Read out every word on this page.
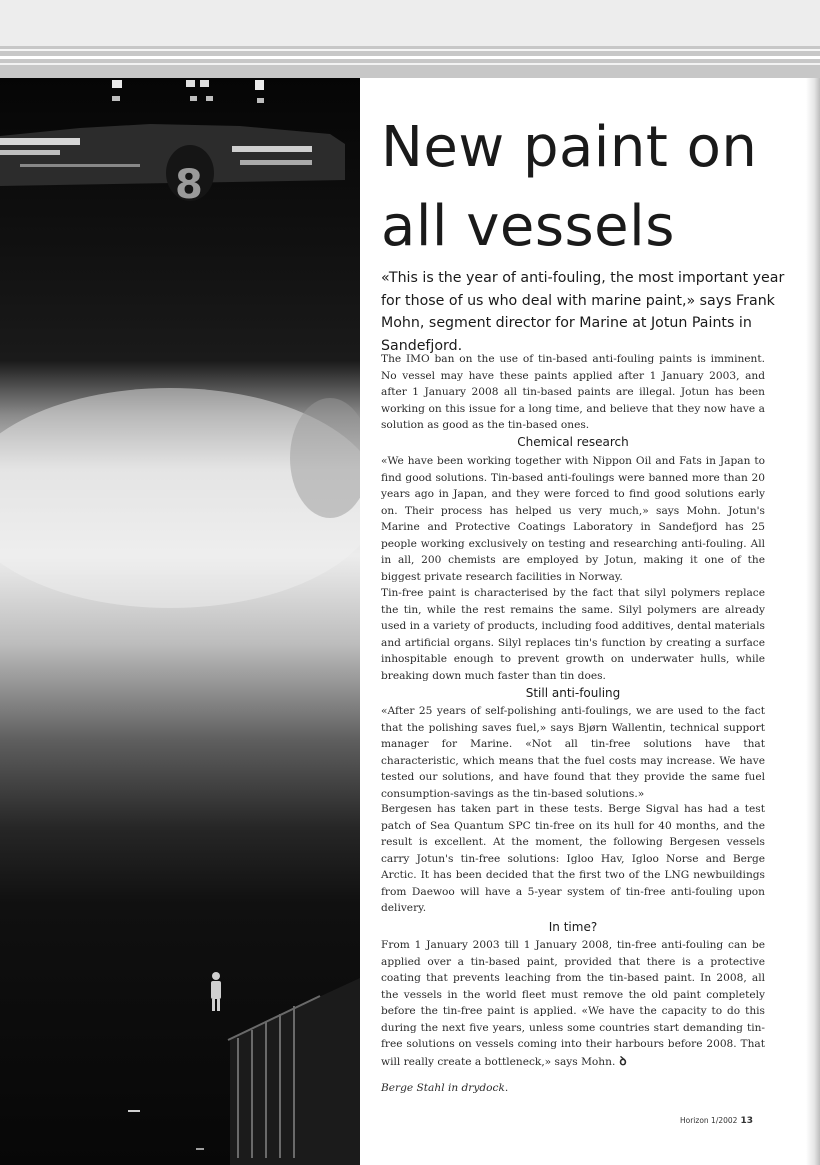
8
New paint on all vessels

«This is the year of anti-fouling, the most important year for those of us who deal with marine paint,» says Frank Mohn, segment director for Marine at Jotun Paints in Sandefjord.

The IMO ban on the use of tin-based anti-fouling paints is imminent. No vessel may have these paints applied after 1 January 2003, and after 1 January 2008 all tin-based paints are illegal. Jotun has been working on this issue for a long time, and believe that they now have a solution as good as the tin-based ones.

Chemical research

«We have been working together with Nippon Oil and Fats in Japan to find good solutions. Tin-based anti-foulings were banned more than 20 years ago in Japan, and they were forced to find good solutions early on. Their process has helped us very much,» says Mohn. Jotun's Marine and Protective Coatings Laboratory in Sandefjord has 25 people working exclusively on testing and researching anti-fouling. All in all, 200 chemists are employed by Jotun, making it one of the biggest private research facilities in Norway.

Tin-free paint is characterised by the fact that silyl polymers replace the tin, while the rest remains the same. Silyl polymers are already used in a variety of products, including food additives, dental materials and artificial organs. Silyl replaces tin's function by creating a surface inhospitable enough to prevent growth on underwater hulls, while breaking down much faster than tin does.

Still anti-fouling

«After 25 years of self-polishing anti-foulings, we are used to the fact that the polishing saves fuel,» says Bjørn Wallentin, technical support manager for Marine. «Not all tin-free solutions have that characteristic, which means that the fuel costs may increase. We have tested our solutions, and have found that they provide the same fuel consumption-savings as the tin-based solutions.»

Bergesen has taken part in these tests. Berge Sigval has had a test patch of Sea Quantum SPC tin-free on its hull for 40 months, and the result is excellent. At the moment, the following Bergesen vessels carry Jotun's tin-free solutions: Igloo Hav, Igloo Norse and Berge Arctic. It has been decided that the first two of the LNG newbuildings from Daewoo will have a 5-year system of tin-free anti-fouling upon delivery.

In time?

From 1 January 2003 till 1 January 2008, tin-free anti-fouling can be applied over a tin-based paint, provided that there is a protective coating that prevents leaching from the tin-based paint. In 2008, all the vessels in the world fleet must remove the old paint completely before the tin-free paint is applied. «We have the capacity to do this during the next five years, unless some countries start demanding tin-free solutions on vessels coming into their harbours before 2008. That will really create a bottleneck,» says Mohn. ꝺ

Berge Stahl in drydock.

Horizon 1/2002 13
